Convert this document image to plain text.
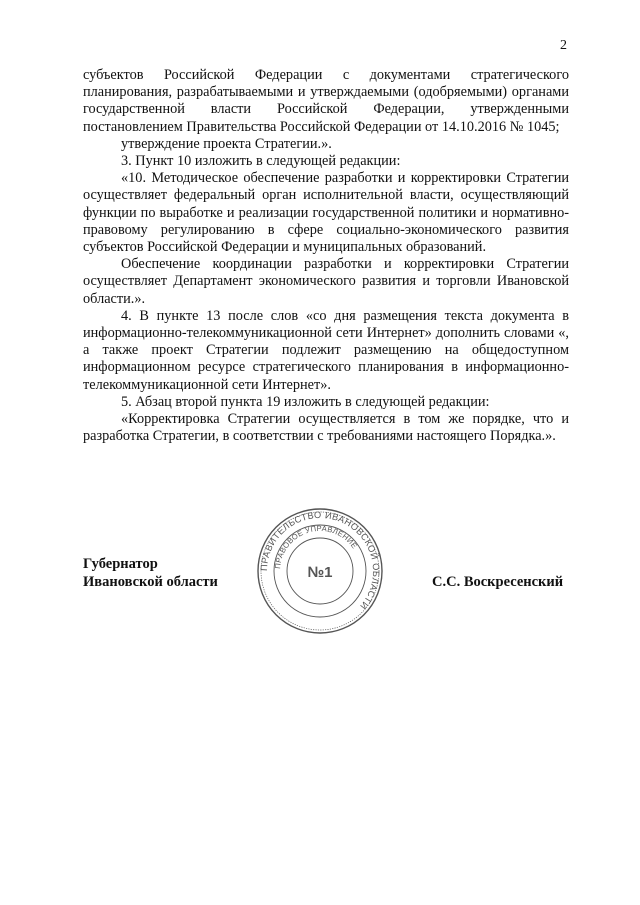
2

субъектов Российской Федерации с документами стратегического планирования, разрабатываемыми и утверждаемыми (одобряемыми) органами государственной власти Российской Федерации, утвержденными постановлением Правительства Российской Федерации от 14.10.2016 № 1045;

утверждение проекта Стратегии.».

3. Пункт 10 изложить в следующей редакции:

«10. Методическое обеспечение разработки и корректировки Стратегии осуществляет федеральный орган исполнительной власти, осуществляющий функции по выработке и реализации государственной политики и нормативно-правовому регулированию в сфере социально-экономического развития субъектов Российской Федерации и муниципальных образований.

Обеспечение координации разработки и корректировки Стратегии осуществляет Департамент экономического развития и торговли Ивановской области.».

4. В пункте 13 после слов «со дня размещения текста документа в информационно-телекоммуникационной сети Интернет» дополнить словами «, а также проект Стратегии подлежит размещению на общедоступном информационном ресурсе стратегического планирования в информационно-телекоммуникационной сети Интернет».

5. Абзац второй пункта 19 изложить в следующей редакции:

«Корректировка Стратегии осуществляется в том же порядке, что и разработка Стратегии, в соответствии с требованиями настоящего Порядка.».

Губернатор
Ивановской области
ПРАВИТЕЛЬСТВО ИВАНОВСКОЙ ОБЛАСТИ
ПРАВОВОЕ УПРАВЛЕНИЕ
№1
С.С. Воскресенский
